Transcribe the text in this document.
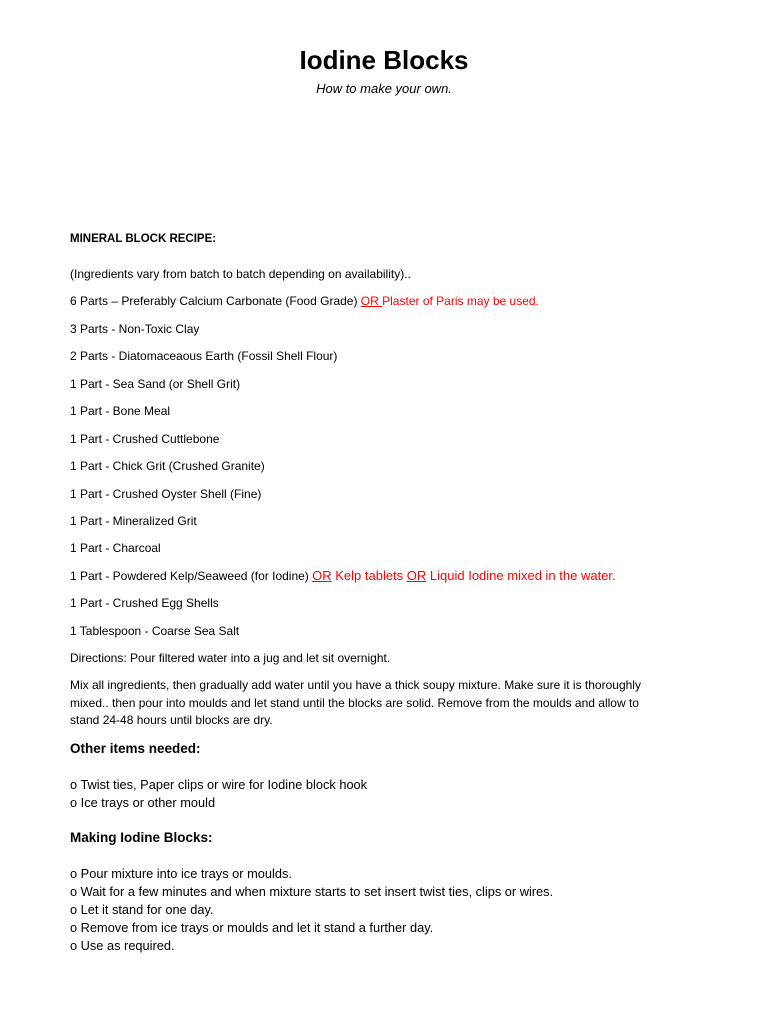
Iodine Blocks
How to make your own.
MINERAL BLOCK RECIPE:
(Ingredients vary from batch to batch depending on availability)..
6 Parts – Preferably Calcium Carbonate (Food Grade) OR Plaster of Paris may be used.
3 Parts - Non-Toxic Clay
2 Parts - Diatomaceaous Earth (Fossil Shell Flour)
1 Part - Sea Sand (or Shell Grit)
1 Part - Bone Meal
1 Part - Crushed Cuttlebone
1 Part - Chick Grit (Crushed Granite)
1 Part - Crushed Oyster Shell (Fine)
1 Part - Mineralized Grit
1 Part - Charcoal
1 Part - Powdered Kelp/Seaweed (for Iodine) OR Kelp tablets OR Liquid Iodine mixed in the water.
1 Part - Crushed Egg Shells
1 Tablespoon - Coarse Sea Salt
Directions: Pour filtered water into a jug and let sit overnight.
Mix all ingredients, then gradually add water until you have a thick soupy mixture. Make sure it is thoroughly
mixed.. then pour into moulds and let stand until the blocks are solid. Remove from the moulds and allow to
stand 24-48 hours until blocks are dry.
Other items needed:
o Twist ties, Paper clips or wire for Iodine block hook
o Ice trays or other mould
Making Iodine Blocks:
o Pour mixture into ice trays or moulds.
o Wait for a few minutes and when mixture starts to set insert twist ties, clips or wires.
o Let it stand for one day.
o Remove from ice trays or moulds and let it stand a further day.
o Use as required.
